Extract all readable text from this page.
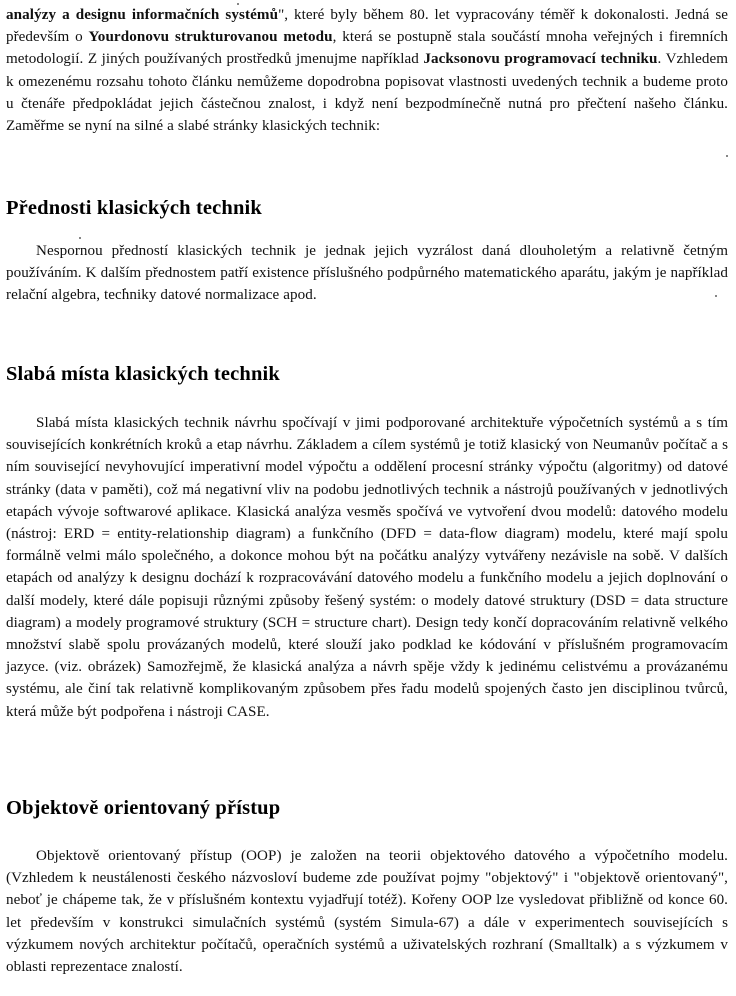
analýzy a designu informačních systémů", které byly během 80. let vypracovány téměř k dokonalosti. Jedná se především o Yourdonovu strukturovanou metodu, která se postupně stala součástí mnoha veřejných i firemních metodologií. Z jiných používaných prostředků jmenujme například Jacksonovu programovací techniku. Vzhledem k omezenému rozsahu tohoto článku nemůžeme dopodrobna popisovat vlastnosti uvedených technik a budeme proto u čtenáře předpokládat jejich částečnou znalost, i když není bezpodmínečně nutná pro přečtení našeho článku. Zaměřme se nyní na silné a slabé stránky klasických technik:

Přednosti klasických technik

Nespornou předností klasických technik je jednak jejich vyzrálost daná dlouholetým a relativně četným používáním. K dalším přednostem patří existence příslušného podpůrného matematického aparátu, jakým je například relační algebra, techniky datové normalizace apod.

Slabá místa klasických technik

Slabá místa klasických technik návrhu spočívají v jimi podporované architektuře výpočetních systémů a s tím souvisejících konkrétních kroků a etap návrhu. Základem a cílem systémů je totiž klasický von Neumanův počítač a s ním související nevyhovující imperativní model výpočtu a oddělení procesní stránky výpočtu (algoritmy) od datové stránky (data v paměti), což má negativní vliv na podobu jednotlivých technik a nástrojů používaných v jednotlivých etapách vývoje softwarové aplikace. Klasická analýza vesměs spočívá ve vytvoření dvou modelů: datového modelu (nástroj: ERD = entity-relationship diagram) a funkčního (DFD = data-flow diagram) modelu, které mají spolu formálně velmi málo společného, a dokonce mohou být na počátku analýzy vytvářeny nezávisle na sobě. V dalších etapách od analýzy k designu dochází k rozpracovávání datového modelu a funkčního modelu a jejich doplnování o další modely, které dále popisuji různými způsoby řešený systém: o modely datové struktury (DSD = data structure diagram) a modely programové struktury (SCH = structure chart). Design tedy končí dopracováním relativně velkého množství slabě spolu provázaných modelů, které slouží jako podklad ke kódování v příslušném programovacím jazyce. (viz. obrázek) Samozřejmě, že klasická analýza a návrh spěje vždy k jedinému celistvému a provázanému systému, ale činí tak relativně komplikovaným způsobem přes řadu modelů spojených často jen disciplinou tvůrců, která může být podpořena i nástroji CASE.

Objektově orientovaný přístup

Objektově orientovaný přístup (OOP) je založen na teorii objektového datového a výpočetního modelu. (Vzhledem k neustálenosti českého názvosloví budeme zde používat pojmy "objektový" i "objektově orientovaný", neboť je chápeme tak, že v příslušném kontextu vyjadřují totéž). Kořeny OOP lze vysledovat přibližně od konce 60. let především v konstrukci simulačních systémů (systém Simula-67) a dále v experimentech souvisejících s výzkumem nových architektur počítačů, operačních systémů a uživatelských rozhraní (Smalltalk) a s výzkumem v oblasti reprezentace znalostí.
